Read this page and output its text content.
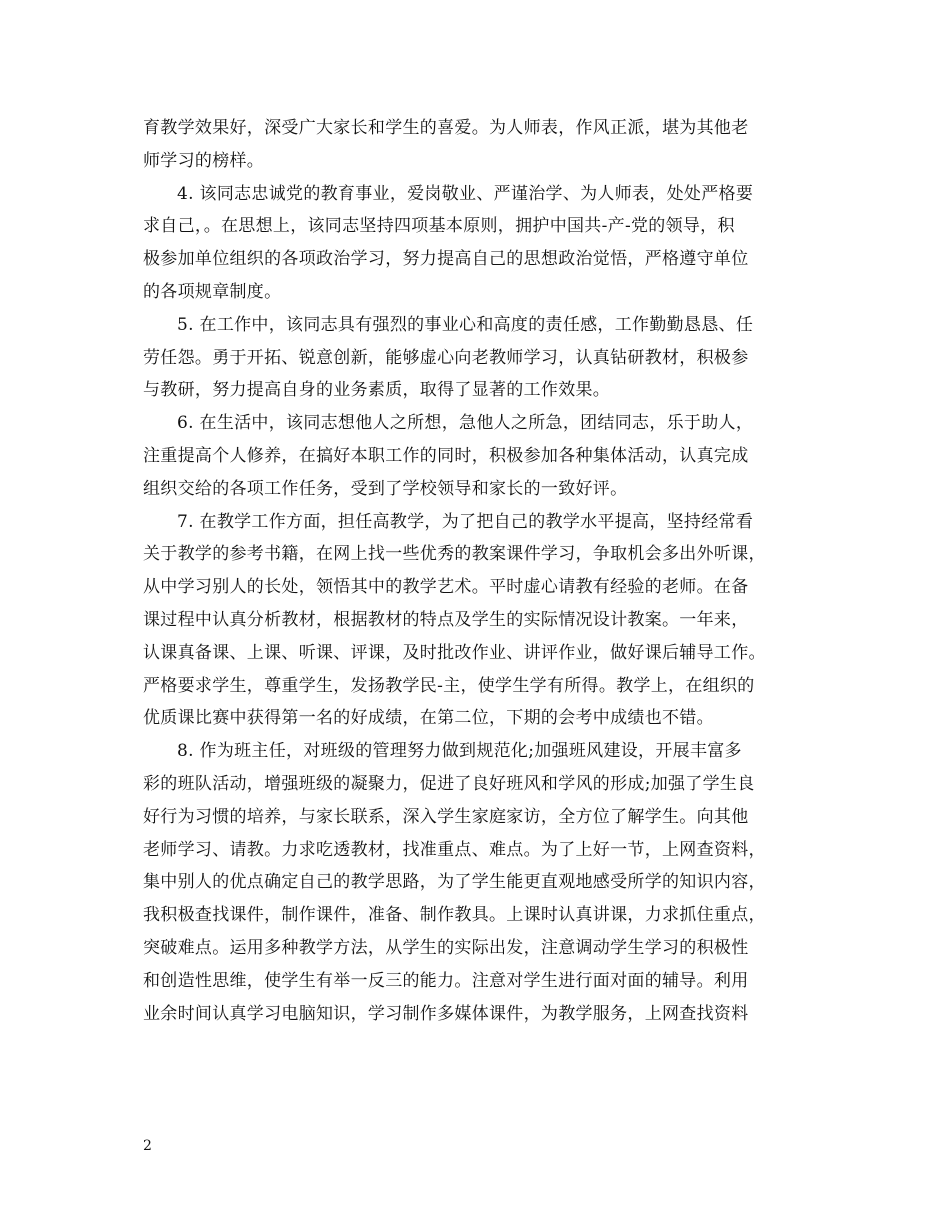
育教学效果好，深受广大家长和学生的喜爱。为人师表，作风正派，堪为其他老
师学习的榜样。
4. 该同志忠诚党的教育事业，爱岗敬业、严谨治学、为人师表，处处严格要
求自己，。在思想上，该同志坚持四项基本原则，拥护中国共-产-党的领导，积
极参加单位组织的各项政治学习，努力提高自己的思想政治觉悟，严格遵守单位
的各项规章制度。
5. 在工作中，该同志具有强烈的事业心和高度的责任感，工作勤勤恳恳、任
劳任怨。勇于开拓、锐意创新，能够虚心向老教师学习，认真钻研教材，积极参
与教研，努力提高自身的业务素质，取得了显著的工作效果。
6. 在生活中，该同志想他人之所想，急他人之所急，团结同志，乐于助人，
注重提高个人修养，在搞好本职工作的同时，积极参加各种集体活动，认真完成
组织交给的各项工作任务，受到了学校领导和家长的一致好评。
7. 在教学工作方面，担任高教学，为了把自己的教学水平提高，坚持经常看
关于教学的参考书籍，在网上找一些优秀的教案课件学习，争取机会多出外听课，
从中学习别人的长处，领悟其中的教学艺术。平时虚心请教有经验的老师。在备
课过程中认真分析教材，根据教材的特点及学生的实际情况设计教案。一年来，
认课真备课、上课、听课、评课，及时批改作业、讲评作业，做好课后辅导工作。
严格要求学生，尊重学生，发扬教学民-主，使学生学有所得。教学上，在组织的
优质课比赛中获得第一名的好成绩，在第二位，下期的会考中成绩也不错。
8. 作为班主任，对班级的管理努力做到规范化;加强班风建设，开展丰富多
彩的班队活动，增强班级的凝聚力，促进了良好班风和学风的形成;加强了学生良
好行为习惯的培养，与家长联系，深入学生家庭家访，全方位了解学生。向其他
老师学习、请教。力求吃透教材，找准重点、难点。为了上好一节，上网查资料，
集中别人的优点确定自己的教学思路，为了学生能更直观地感受所学的知识内容，
我积极查找课件，制作课件，准备、制作教具。上课时认真讲课，力求抓住重点，
突破难点。运用多种教学方法，从学生的实际出发，注意调动学生学习的积极性
和创造性思维，使学生有举一反三的能力。注意对学生进行面对面的辅导。利用
业余时间认真学习电脑知识，学习制作多媒体课件，为教学服务，上网查找资料
2
